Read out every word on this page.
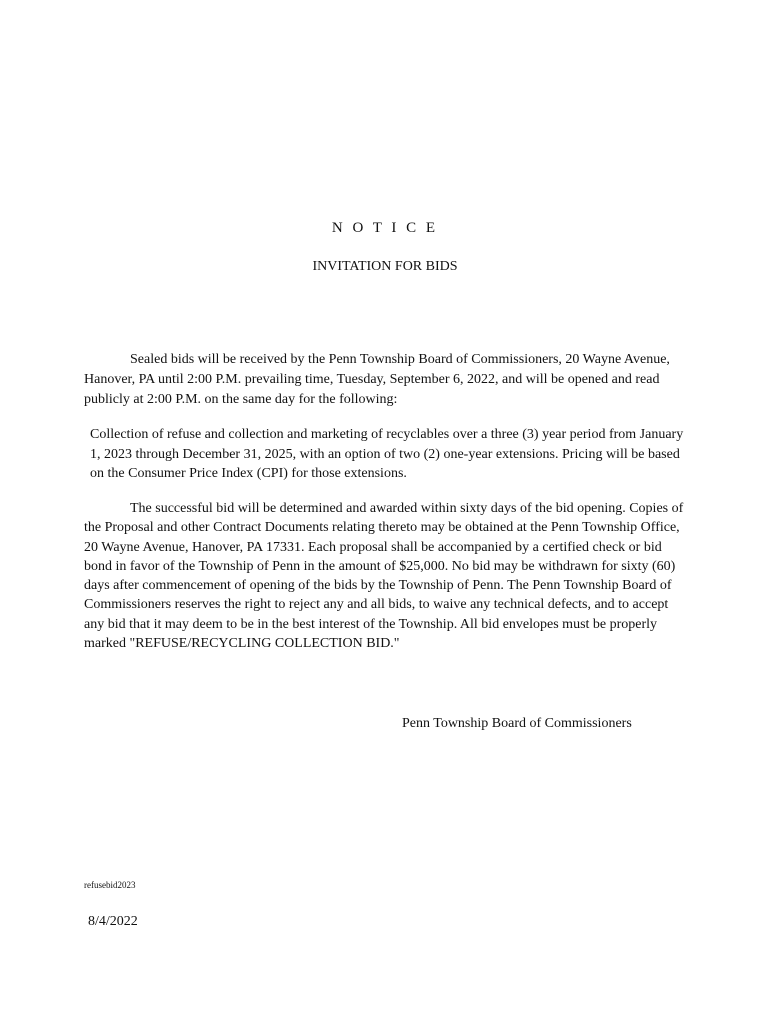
N O T I C E
INVITATION FOR BIDS

Sealed bids will be received by the Penn Township Board of Commissioners, 20 Wayne Avenue, Hanover, PA until 2:00 P.M. prevailing time, Tuesday, September 6, 2022, and will be opened and read publicly at 2:00 P.M. on the same day for the following:

Collection of refuse and collection and marketing of recyclables over a three (3) year period from January 1, 2023 through December 31, 2025, with an option of two (2) one-year extensions. Pricing will be based on the Consumer Price Index (CPI) for those extensions.

The successful bid will be determined and awarded within sixty days of the bid opening. Copies of the Proposal and other Contract Documents relating thereto may be obtained at the Penn Township Office, 20 Wayne Avenue, Hanover, PA 17331. Each proposal shall be accompanied by a certified check or bid bond in favor of the Township of Penn in the amount of $25,000. No bid may be withdrawn for sixty (60) days after commencement of opening of the bids by the Township of Penn. The Penn Township Board of Commissioners reserves the right to reject any and all bids, to waive any technical defects, and to accept any bid that it may deem to be in the best interest of the Township. All bid envelopes must be properly marked "REFUSE/RECYCLING COLLECTION BID."

Penn Township Board of Commissioners
refusebid2023
8/4/2022
